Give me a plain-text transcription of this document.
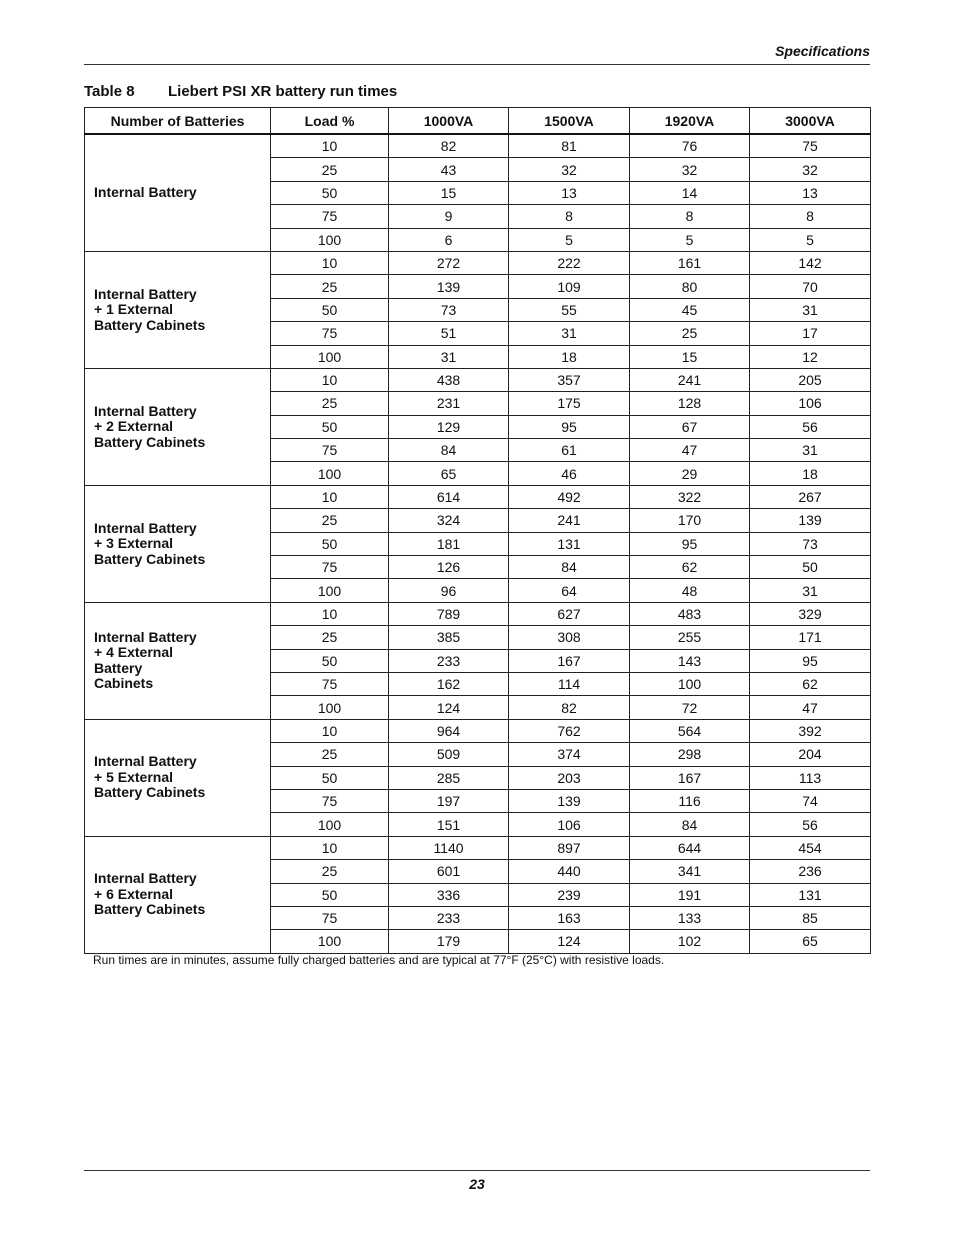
Specifications
Table 8 Liebert PSI XR battery run times
Number of Batteries	Load %	1000VA	1500VA	1920VA	3000VA
Internal Battery	10	82	81	76	75
	25	43	32	32	32
	50	15	13	14	13
	75	9	8	8	8
	100	6	5	5	5
Internal Battery
+ 1 External
Battery Cabinets	10	272	222	161	142
	25	139	109	80	70
	50	73	55	45	31
	75	51	31	25	17
	100	31	18	15	12
Internal Battery
+ 2 External
Battery Cabinets	10	438	357	241	205
	25	231	175	128	106
	50	129	95	67	56
	75	84	61	47	31
	100	65	46	29	18
Internal Battery
+ 3 External
Battery Cabinets	10	614	492	322	267
	25	324	241	170	139
	50	181	131	95	73
	75	126	84	62	50
	100	96	64	48	31
Internal Battery
+ 4 External
Battery
Cabinets	10	789	627	483	329
	25	385	308	255	171
	50	233	167	143	95
	75	162	114	100	62
	100	124	82	72	47
Internal Battery
+ 5 External
Battery Cabinets	10	964	762	564	392
	25	509	374	298	204
	50	285	203	167	113
	75	197	139	116	74
	100	151	106	84	56
Internal Battery
+ 6 External
Battery Cabinets	10	1140	897	644	454
	25	601	440	341	236
	50	336	239	191	131
	75	233	163	133	85
	100	179	124	102	65
Run times are in minutes, assume fully charged batteries and are typical at 77°F (25°C) with resistive loads.
23
